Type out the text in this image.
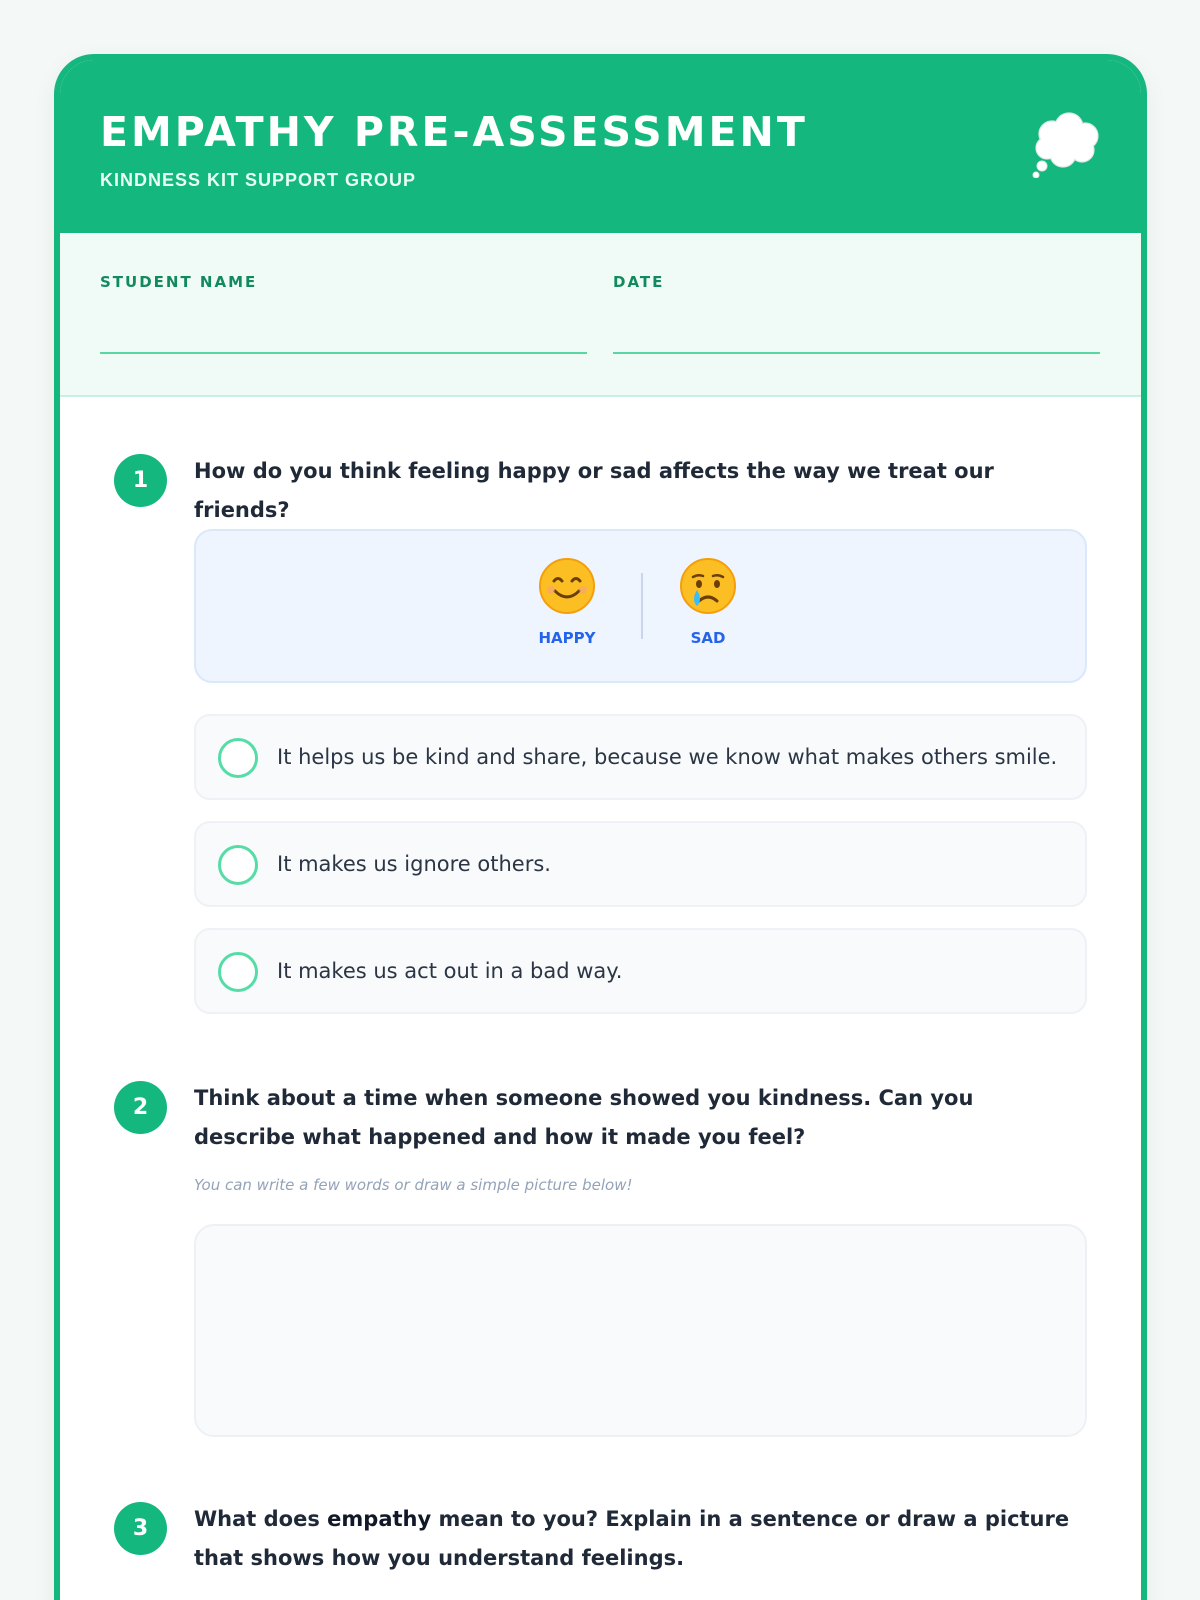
EMPATHY PRE-ASSESSMENT
KINDNESS KIT SUPPORT GROUP
STUDENT NAME	DATE
1	How do you think feeling happy or sad affects the way we treat our friends?
HAPPY	SAD
It helps us be kind and share, because we know what makes others smile.
It makes us ignore others.
It makes us act out in a bad way.
2	Think about a time when someone showed you kindness. Can you describe what happened and how it made you feel?
You can write a few words or draw a simple picture below!
3	What does empathy mean to you? Explain in a sentence or draw a picture that shows how you understand feelings.
